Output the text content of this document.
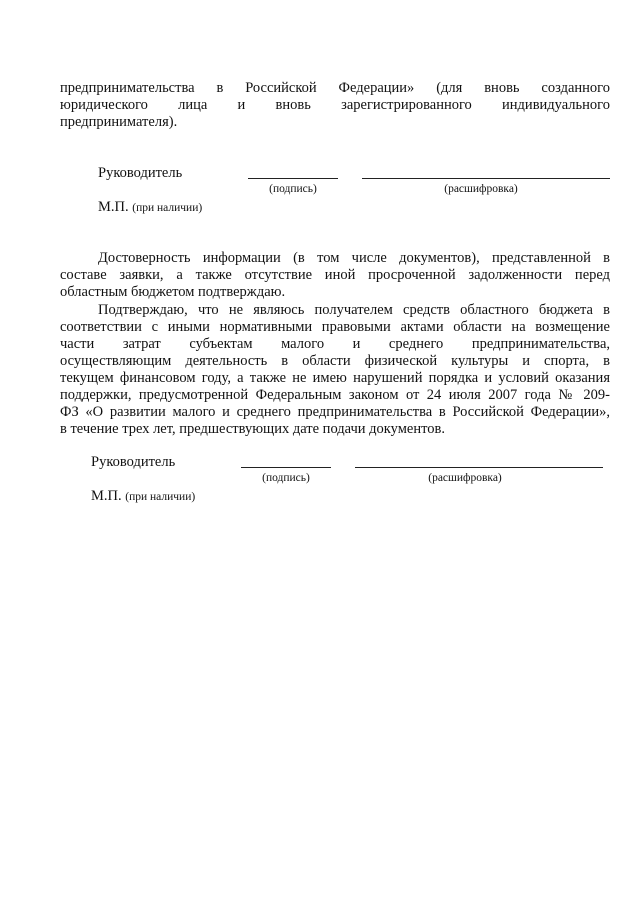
предпринимательства в Российской Федерации» (для вновь созданного
юридического лица и вновь зарегистрированного индивидуального
предпринимателя).
Руководитель
(подпись)	(расшифровка)
М.П. (при наличии)
Достоверность информации (в том числе документов), представленной в
составе заявки, а также отсутствие иной просроченной задолженности перед
областным бюджетом подтверждаю.
Подтверждаю, что не являюсь получателем средств областного бюджета в
соответствии с иными нормативными правовыми актами области на возмещение
части затрат субъектам малого и среднего предпринимательства,
осуществляющим деятельность в области физической культуры и спорта, в
текущем финансовом году, а также не имею нарушений порядка и условий оказания
поддержки, предусмотренной Федеральным законом от 24 июля 2007 года № 209-
ФЗ «О развитии малого и среднего предпринимательства в Российской Федерации»,
в течение трех лет, предшествующих дате подачи документов.
Руководитель
(подпись)	(расшифровка)
М.П. (при наличии)
